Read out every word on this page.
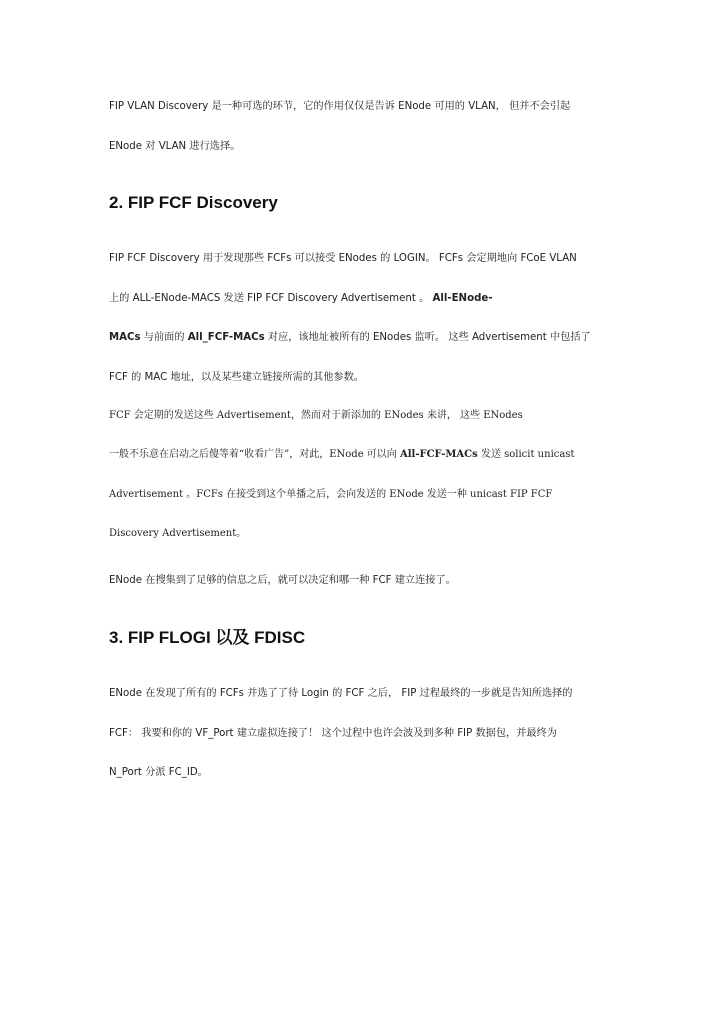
FIP VLAN Discovery 是一种可选的环节，它的作用仅仅是告诉 ENode 可用的 VLAN， 但并不会引起
ENode 对 VLAN 进行选择。
2. FIP FCF Discovery
FIP FCF Discovery 用于发现那些 FCFs 可以接受 ENodes 的 LOGIN。 FCFs 会定期地向 FCoE VLAN
上的 ALL-ENode-MACS 发送 FIP FCF Discovery Advertisement 。 All-ENode-
MACs 与前面的 All_FCF-MACs 对应，该地址被所有的 ENodes 监听。 这些 Advertisement 中包括了
FCF 的 MAC 地址，以及某些建立链接所需的其他参数。
FCF 会定期的发送这些 Advertisement，然而对于新添加的 ENodes 来讲， 这些 ENodes
一般不乐意在启动之后傻等着“收看广告”，对此，ENode 可以向 All-FCF-MACs 发送 solicit unicast
Advertisement 。FCFs 在接受到这个单播之后，会向发送的 ENode 发送一种 unicast FIP FCF
Discovery Advertisement。
ENode 在搜集到了足够的信息之后，就可以决定和哪一种 FCF 建立连接了。
3. FIP FLOGI 以及 FDISC
ENode 在发现了所有的 FCFs 并选了了待 Login 的 FCF 之后， FIP 过程最终的一步就是告知所选择的
FCF： 我要和你的 VF_Port 建立虚拟连接了！ 这个过程中也许会波及到多种 FIP 数据包，并最终为
N_Port 分派 FC_ID。
